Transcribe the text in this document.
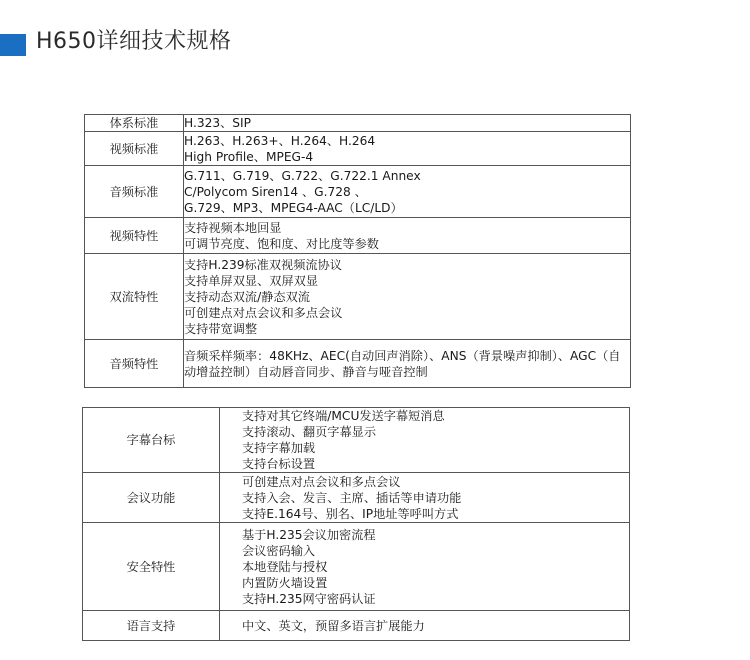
H650详细技术规格
体系标准	H.323、SIP

视频标准	H.263、H.263+、H.264、H.264
High Profile、MPEG-4

音频标准	G.711、G.719、G.722、G.722.1 Annex
C/Polycom Siren14 、G.728 、
G.729、MP3、MPEG4-AAC（LC/LD）

视频特性	支持视频本地回显
可调节亮度、饱和度、对比度等参数

双流特性	支持H.239标准双视频流协议
支持单屏双显、双屏双显
支持动态双流/静态双流
可创建点对点会议和多点会议
支持带宽调整

音频特性	音频采样频率：48KHz、AEC(自动回声消除）、ANS（背景噪声抑制）、AGC（自动增益控制）自动唇音同步、静音与哑音控制
字幕台标	支持对其它终端/MCU发送字幕短消息
支持滚动、翻页字幕显示
支持字幕加载
支持台标设置

会议功能	可创建点对点会议和多点会议
支持入会、发言、主席、插话等申请功能
支持E.164号、别名、IP地址等呼叫方式

安全特性	基于H.235会议加密流程
会议密码输入
本地登陆与授权
内置防火墙设置
支持H.235网守密码认证

语言支持	中文、英文，预留多语言扩展能力
